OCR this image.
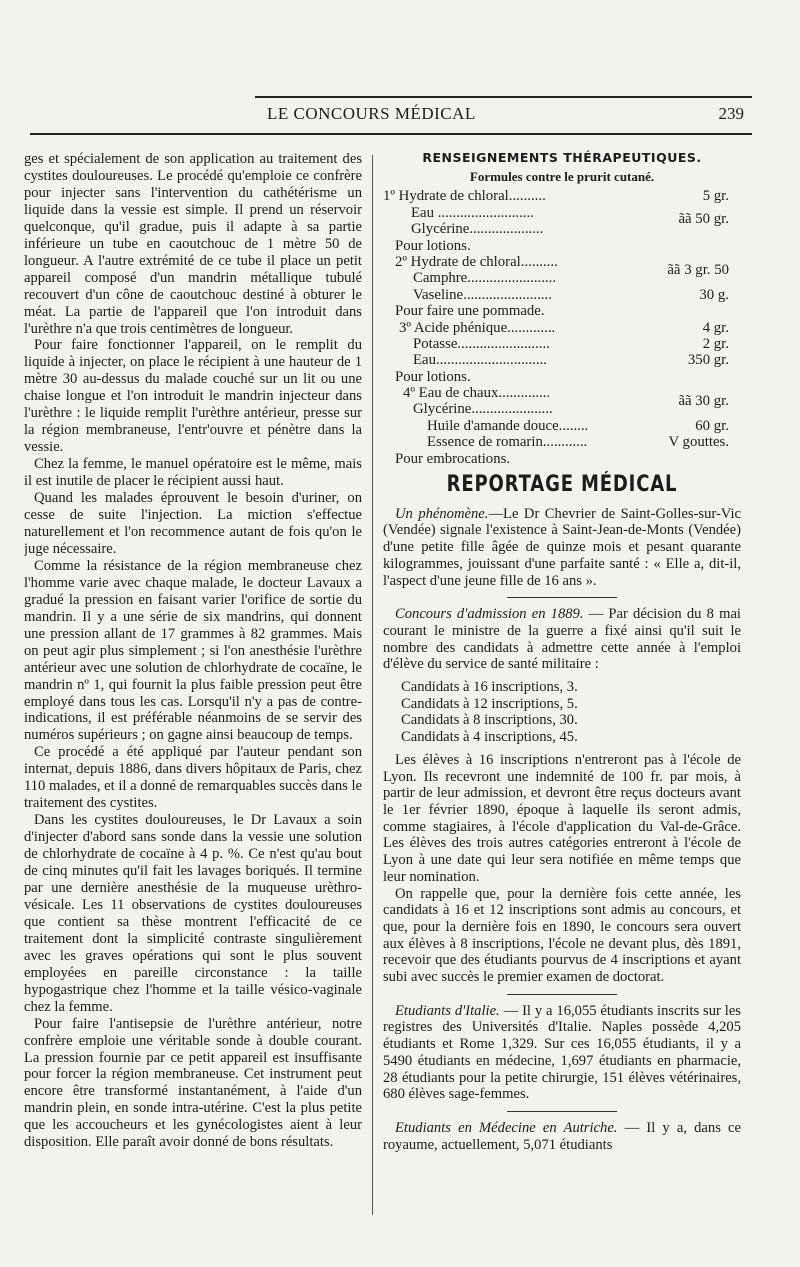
LE CONCOURS MÉDICAL	239

ges et spécialement de son application au traitement des cystites douloureuses. Le procédé qu'emploie ce confrère pour injecter sans l'intervention du cathétérisme un liquide dans la vessie est simple. Il prend un réservoir quelconque, qu'il gradue, puis il adapte à sa partie inférieure un tube en caoutchouc de 1 mètre 50 de longueur. A l'autre extrémité de ce tube il place un petit appareil composé d'un mandrin métallique tubulé recouvert d'un cône de caoutchouc destiné à obturer le méat. La partie de l'appareil que l'on introduit dans l'urèthre n'a que trois centimètres de longueur.

Pour faire fonctionner l'appareil, on le remplit du liquide à injecter, on place le récipient à une hauteur de 1 mètre 30 au-dessus du malade couché sur un lit ou une chaise longue et l'on introduit le mandrin injecteur dans l'urèthre : le liquide remplit l'urèthre antérieur, presse sur la région membraneuse, l'entr'ouvre et pénètre dans la vessie.

Chez la femme, le manuel opératoire est le même, mais il est inutile de placer le récipient aussi haut.

Quand les malades éprouvent le besoin d'uriner, on cesse de suite l'injection. La miction s'effectue naturellement et l'on recommence autant de fois qu'on le juge nécessaire.

Comme la résistance de la région membraneuse chez l'homme varie avec chaque malade, le docteur Lavaux a gradué la pression en faisant varier l'orifice de sortie du mandrin. Il y a une série de six mandrins, qui donnent une pression allant de 17 grammes à 82 grammes. Mais on peut agir plus simplement ; si l'on anesthésie l'urèthre antérieur avec une solution de chlorhydrate de cocaïne, le mandrin nº 1, qui fournit la plus faible pression peut être employé dans tous les cas. Lorsqu'il n'y a pas de contre-indications, il est préférable néanmoins de se servir des numéros supérieurs ; on gagne ainsi beaucoup de temps.

Ce procédé a été appliqué par l'auteur pendant son internat, depuis 1886, dans divers hôpitaux de Paris, chez 110 malades, et il a donné de remarquables succès dans le traitement des cystites.

Dans les cystites douloureuses, le Dr Lavaux a soin d'injecter d'abord sans sonde dans la vessie une solution de chlorhydrate de cocaïne à 4 p. %. Ce n'est qu'au bout de cinq minutes qu'il fait les lavages boriqués. Il termine par une dernière anesthésie de la muqueuse urèthro-vésicale. Les 11 observations de cystites douloureuses que contient sa thèse montrent l'efficacité de ce traitement dont la simplicité contraste singulièrement avec les graves opérations qui sont le plus souvent employées en pareille circonstance : la taille hypogastrique chez l'homme et la taille vésico-vaginale chez la femme.

Pour faire l'antisepsie de l'urèthre antérieur, notre confrère emploie une véritable sonde à double courant. La pression fournie par ce petit appareil est insuffisante pour forcer la région membraneuse. Cet instrument peut encore être transformé instantanément, à l'aide d'un mandrin plein, en sonde intra-utérine. C'est la plus petite que les accoucheurs et les gynécologistes aient à leur disposition. Elle paraît avoir donné de bons résultats.

RENSEIGNEMENTS THÉRAPEUTIQUES.
Formules contre le prurit cutané.
1º Hydrate de chloral..........	5 gr.
Eau ..........................	ãã 50 gr.
Glycérine....................
Pour lotions.
2º Hydrate de chloral..........	ãã 3 gr. 50
Camphre........................
Vaseline........................	30 g.
Pour faire une pommade.
3º Acide phénique.............	4 gr.
Potasse.........................	2 gr.
Eau..............................	350 gr.
Pour lotions.
4º Eau de chaux..............	ãã 30 gr.
Glycérine......................
Huile d'amande douce........	60 gr.
Essence de romarin............	V gouttes.
Pour embrocations.
REPORTAGE MÉDICAL

Un phénomène.—Le Dr Chevrier de Saint-Golles-sur-Vic (Vendée) signale l'existence à Saint-Jean-de-Monts (Vendée) d'une petite fille âgée de quinze mois et pesant quarante kilogrammes, jouissant d'une parfaite santé : « Elle a, dit-il, l'aspect d'une jeune fille de 16 ans ».

Concours d'admission en 1889. — Par décision du 8 mai courant le ministre de la guerre a fixé ainsi qu'il suit le nombre des candidats à admettre cette année à l'emploi d'élève du service de santé militaire :

Candidats à 16 inscriptions, 3.
Candidats à 12 inscriptions, 5.
Candidats à 8 inscriptions, 30.
Candidats à 4 inscriptions, 45.

Les élèves à 16 inscriptions n'entreront pas à l'école de Lyon. Ils recevront une indemnité de 100 fr. par mois, à partir de leur admission, et devront être reçus docteurs avant le 1er février 1890, époque à laquelle ils seront admis, comme stagiaires, à l'école d'application du Val-de-Grâce. Les élèves des trois autres catégories entreront à l'école de Lyon à une date qui leur sera notifiée en même temps que leur nomination.

On rappelle que, pour la dernière fois cette année, les candidats à 16 et 12 inscriptions sont admis au concours, et que, pour la dernière fois en 1890, le concours sera ouvert aux élèves à 8 inscriptions, l'école ne devant plus, dès 1891, recevoir que des étudiants pourvus de 4 inscriptions et ayant subi avec succès le premier examen de doctorat.

Etudiants d'Italie. — Il y a 16,055 étudiants inscrits sur les registres des Universités d'Italie. Naples possède 4,205 étudiants et Rome 1,329. Sur ces 16,055 étudiants, il y a 5490 étudiants en médecine, 1,697 étudiants en pharmacie, 28 étudiants pour la petite chirurgie, 151 élèves vétérinaires, 680 élèves sage-femmes.

Etudiants en Médecine en Autriche. — Il y a, dans ce royaume, actuellement, 5,071 étudiants
